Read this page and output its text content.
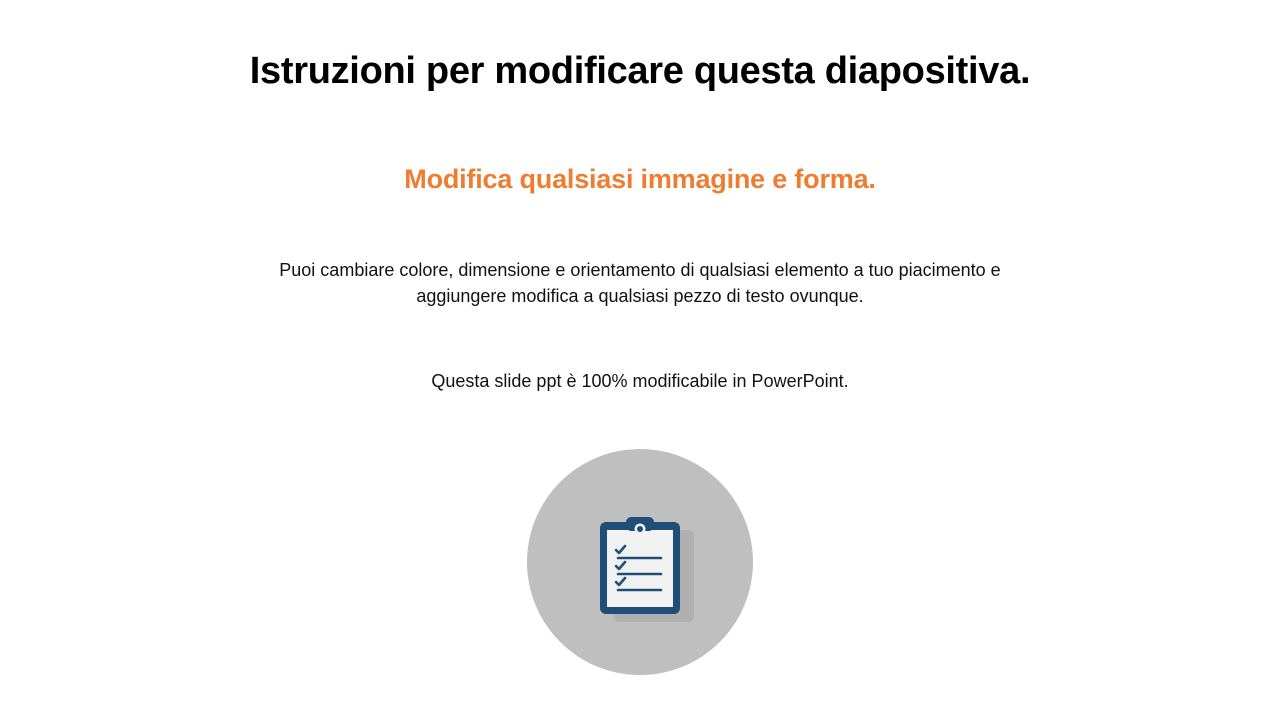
Istruzioni per modificare questa diapositiva.
Modifica qualsiasi immagine e forma.
Puoi cambiare colore, dimensione e orientamento di qualsiasi elemento a tuo piacimento e aggiungere modifica a qualsiasi pezzo di testo ovunque.
Questa slide ppt è 100% modificabile in PowerPoint.
